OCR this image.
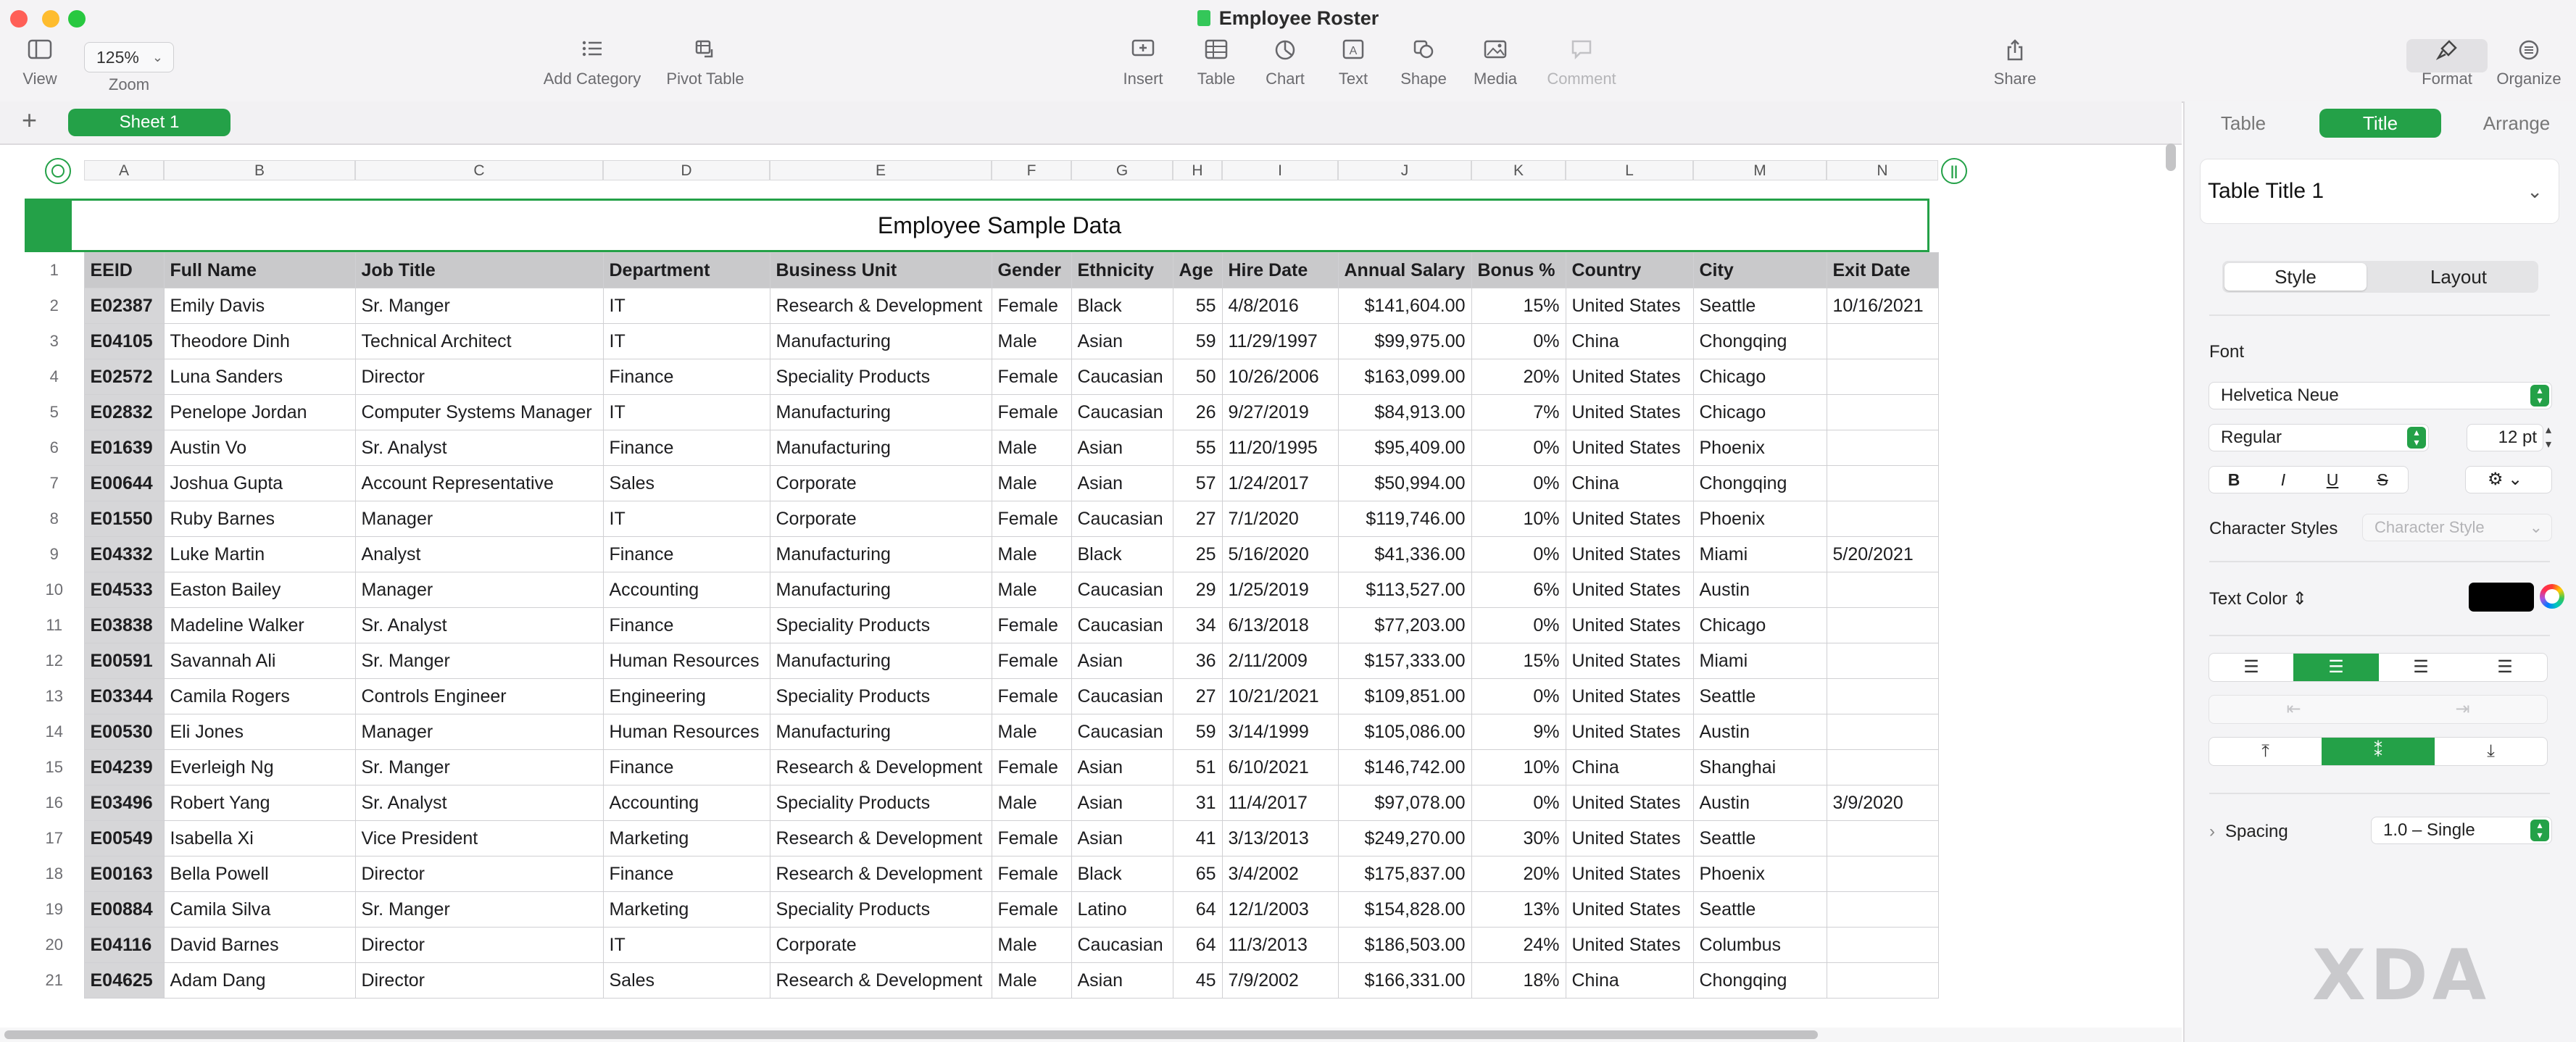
Employee Roster
View
125%	⌄
Zoom	Add Category	Pivot Table	Insert	Table	Chart
A
Text	Shape	Media	Comment	Share	Format	Organize
+	Sheet 1
A	B	C	D	E	F	G	H	I	J	K	L	M	N	||
Employee Sample Data
1	EEID	Full Name	Job Title	Department	Business Unit	Gender	Ethnicity	Age	Hire Date	Annual Salary	Bonus %	Country	City	Exit Date
2	E02387	Emily Davis	Sr. Manger	IT	Research & Development	Female	Black	55	4/8/2016	$141,604.00	15%	United States	Seattle	10/16/2021
3	E04105	Theodore Dinh	Technical Architect	IT	Manufacturing	Male	Asian	59	11/29/1997	$99,975.00	0%	China	Chongqing	
4	E02572	Luna Sanders	Director	Finance	Speciality Products	Female	Caucasian	50	10/26/2006	$163,099.00	20%	United States	Chicago	
5	E02832	Penelope Jordan	Computer Systems Manager	IT	Manufacturing	Female	Caucasian	26	9/27/2019	$84,913.00	7%	United States	Chicago	
6	E01639	Austin Vo	Sr. Analyst	Finance	Manufacturing	Male	Asian	55	11/20/1995	$95,409.00	0%	United States	Phoenix	
7	E00644	Joshua Gupta	Account Representative	Sales	Corporate	Male	Asian	57	1/24/2017	$50,994.00	0%	China	Chongqing	
8	E01550	Ruby Barnes	Manager	IT	Corporate	Female	Caucasian	27	7/1/2020	$119,746.00	10%	United States	Phoenix	
9	E04332	Luke Martin	Analyst	Finance	Manufacturing	Male	Black	25	5/16/2020	$41,336.00	0%	United States	Miami	5/20/2021
10	E04533	Easton Bailey	Manager	Accounting	Manufacturing	Male	Caucasian	29	1/25/2019	$113,527.00	6%	United States	Austin	
11	E03838	Madeline Walker	Sr. Analyst	Finance	Speciality Products	Female	Caucasian	34	6/13/2018	$77,203.00	0%	United States	Chicago	
12	E00591	Savannah Ali	Sr. Manger	Human Resources	Manufacturing	Female	Asian	36	2/11/2009	$157,333.00	15%	United States	Miami	
13	E03344	Camila Rogers	Controls Engineer	Engineering	Speciality Products	Female	Caucasian	27	10/21/2021	$109,851.00	0%	United States	Seattle	
14	E00530	Eli Jones	Manager	Human Resources	Manufacturing	Male	Caucasian	59	3/14/1999	$105,086.00	9%	United States	Austin	
15	E04239	Everleigh Ng	Sr. Manger	Finance	Research & Development	Female	Asian	51	6/10/2021	$146,742.00	10%	China	Shanghai	
16	E03496	Robert Yang	Sr. Analyst	Accounting	Speciality Products	Male	Asian	31	11/4/2017	$97,078.00	0%	United States	Austin	3/9/2020
17	E00549	Isabella Xi	Vice President	Marketing	Research & Development	Female	Asian	41	3/13/2013	$249,270.00	30%	United States	Seattle	
18	E00163	Bella Powell	Director	Finance	Research & Development	Female	Black	65	3/4/2002	$175,837.00	20%	United States	Phoenix	
19	E00884	Camila Silva	Sr. Manger	Marketing	Speciality Products	Female	Latino	64	12/1/2003	$154,828.00	13%	United States	Seattle	
20	E04116	David Barnes	Director	IT	Corporate	Male	Caucasian	64	11/3/2013	$186,503.00	24%	United States	Columbus	
21	E04625	Adam Dang	Director	Sales	Research & Development	Male	Asian	45	7/9/2002	$166,331.00	18%	China	Chongqing	
Table	Title	Arrange
Table Title 1	⌄
Style	Layout
Font
Helvetica Neue	▴
▾
Regular	▴
▾	12 pt ▴
▾
B	I	U	S	⚙ ⌄
Character Styles	Character Style	⌄
Text Color ⇕
☰	☰	☰	☰
⇤	⇥
⤒	⁑	⤓
› Spacing	1.0 – Single	▴
▾
XDA
